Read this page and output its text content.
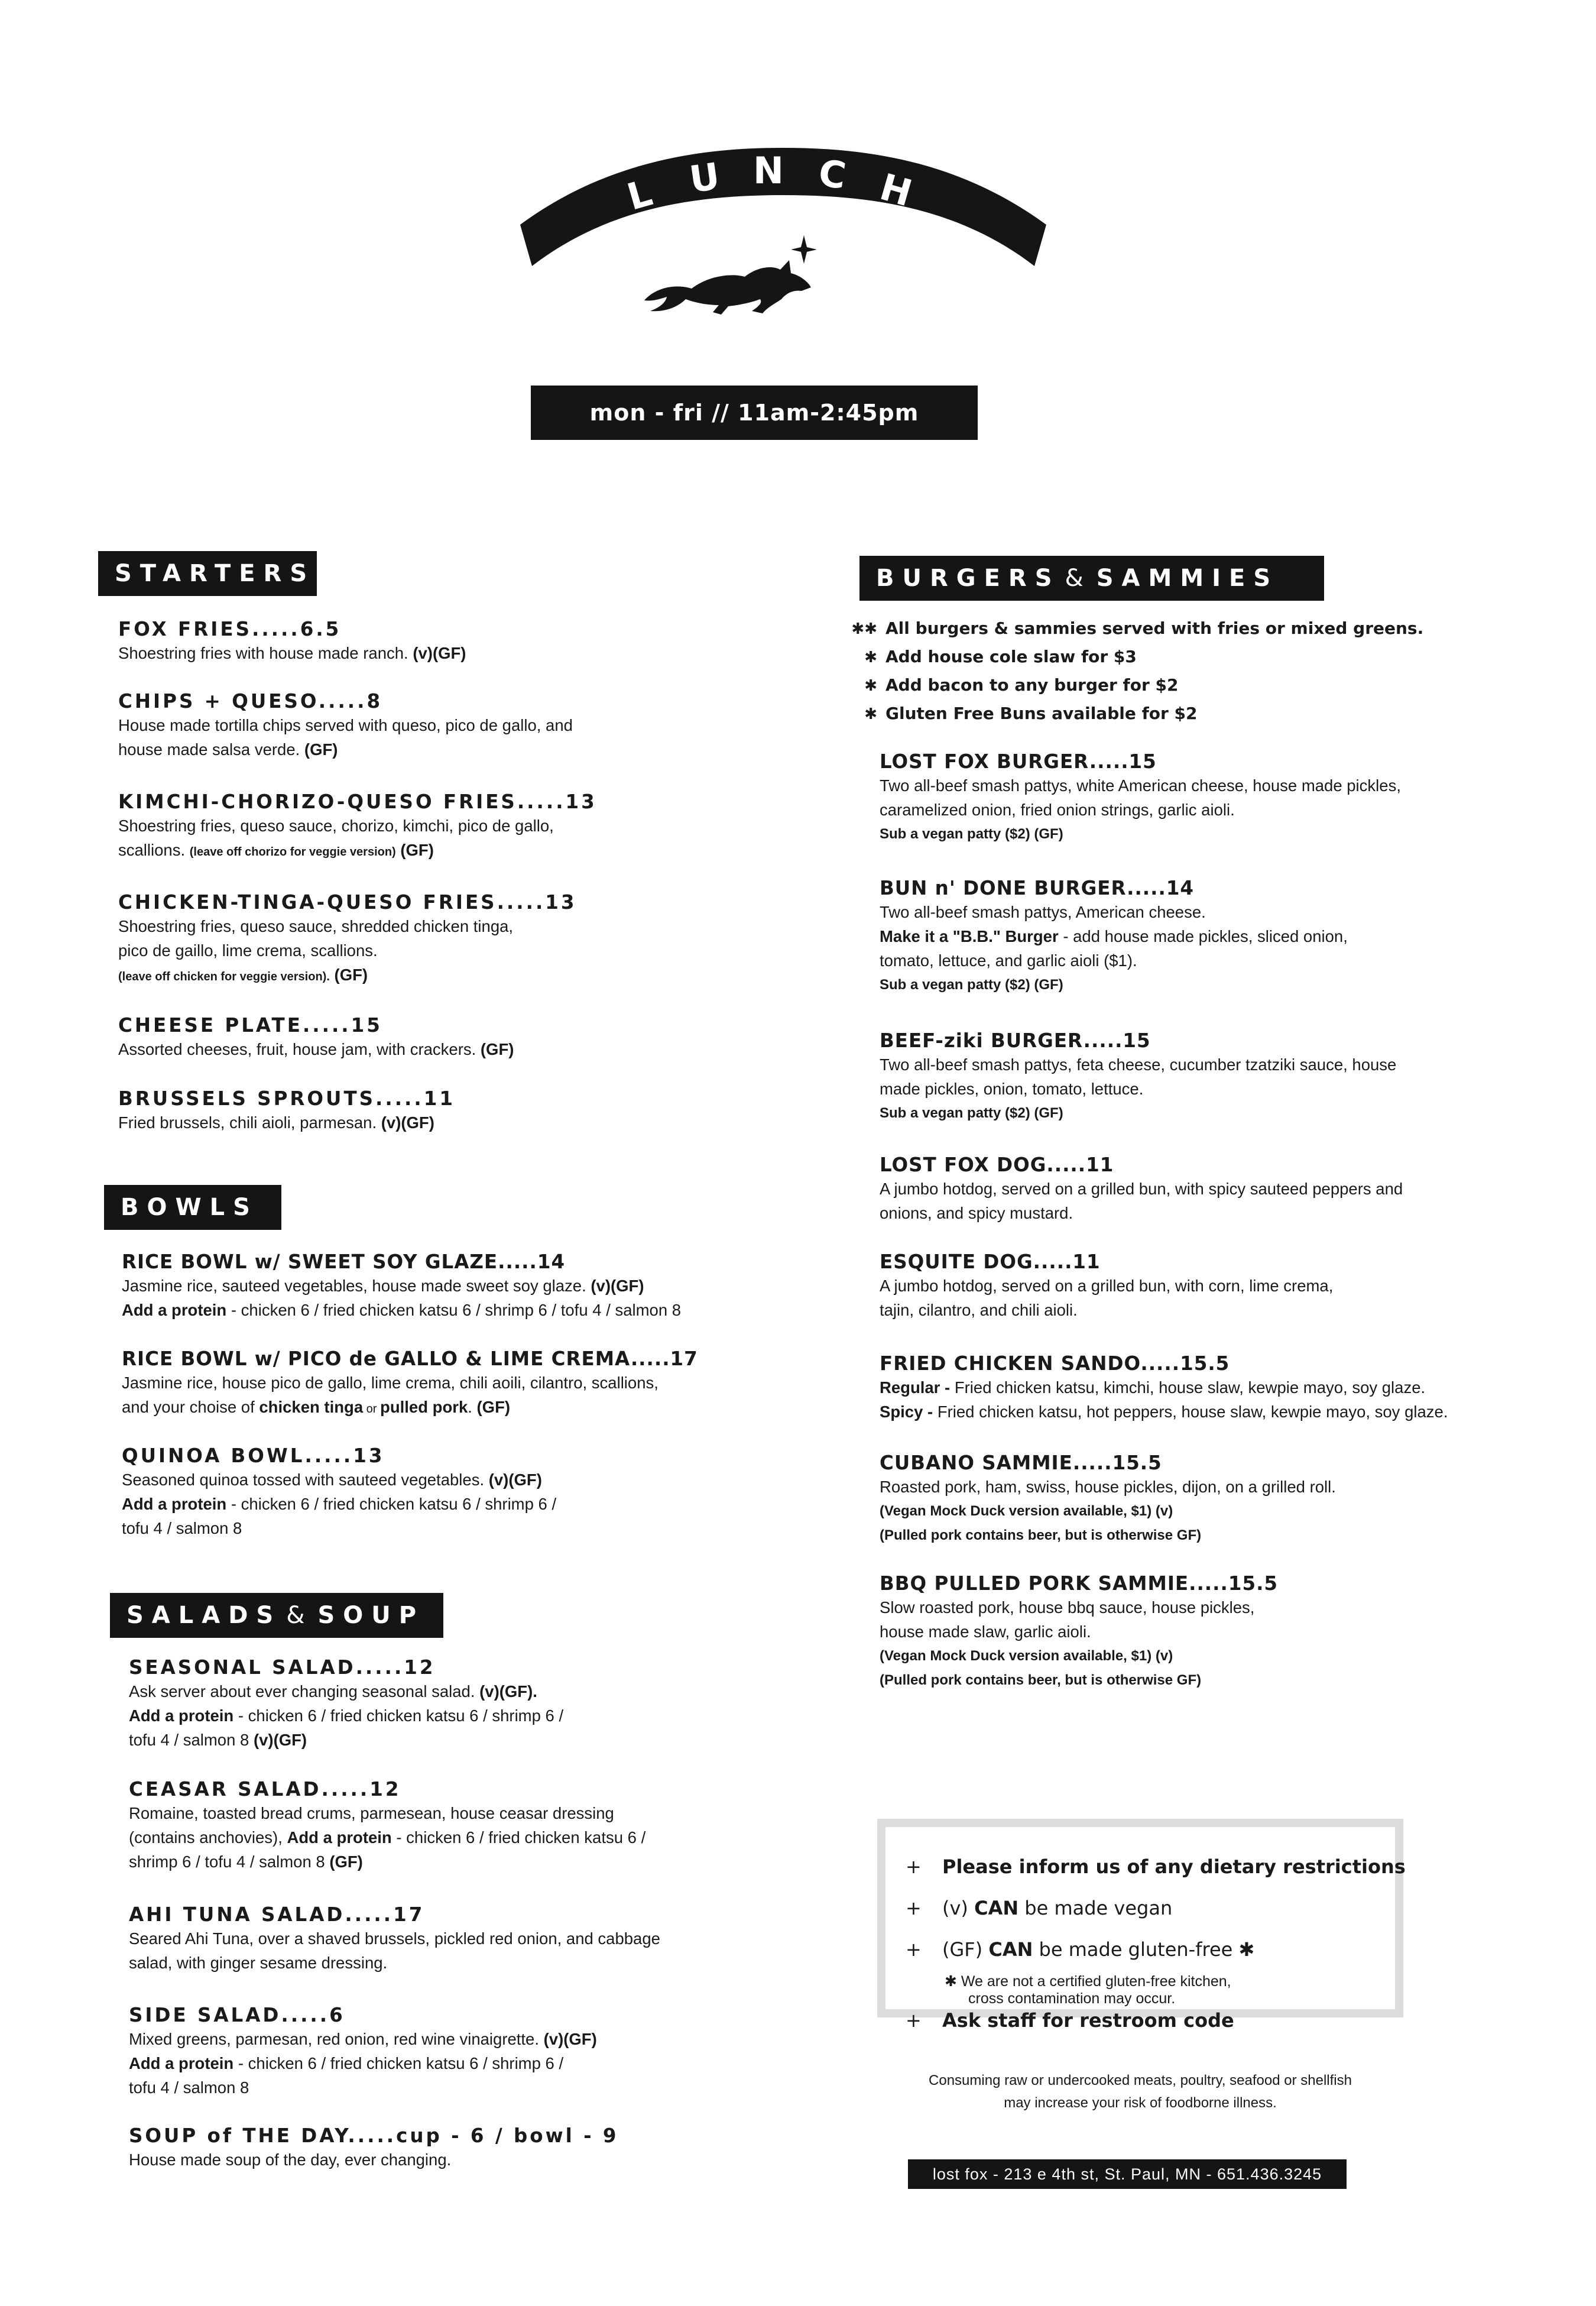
L U N C H
mon - fri // 11am-2:45pm
STARTERS
FOX FRIES.....6.5
Shoestring fries with house made ranch. (v)(GF)
CHIPS + QUESO.....8
House made tortilla chips served with queso, pico de gallo, and
house made salsa verde. (GF)
KIMCHI-CHORIZO-QUESO FRIES.....13
Shoestring fries, queso sauce, chorizo, kimchi, pico de gallo,
scallions. (leave off chorizo for veggie version) (GF)
CHICKEN-TINGA-QUESO FRIES.....13
Shoestring fries, queso sauce, shredded chicken tinga,
pico de gaillo, lime crema, scallions.
(leave off chicken for veggie version). (GF)
CHEESE PLATE.....15
Assorted cheeses, fruit, house jam, with crackers. (GF)
BRUSSELS SPROUTS.....11
Fried brussels, chili aioli, parmesan. (v)(GF)
BOWLS
RICE BOWL w/ SWEET SOY GLAZE.....14
Jasmine rice, sauteed vegetables, house made sweet soy glaze. (v)(GF)
Add a protein - chicken 6 / fried chicken katsu 6 / shrimp 6 / tofu 4 / salmon 8
RICE BOWL w/ PICO de GALLO & LIME CREMA.....17
Jasmine rice, house pico de gallo, lime crema, chili aoili, cilantro, scallions,
and your choise of chicken tinga or pulled pork. (GF)
QUINOA BOWL.....13
Seasoned quinoa tossed with sauteed vegetables. (v)(GF)
Add a protein - chicken 6 / fried chicken katsu 6 / shrimp 6 /
tofu 4 / salmon 8
SALADS & SOUP
SEASONAL SALAD.....12
Ask server about ever changing seasonal salad. (v)(GF).
Add a protein - chicken 6 / fried chicken katsu 6 / shrimp 6 /
tofu 4 / salmon 8 (v)(GF)
CEASAR SALAD.....12
Romaine, toasted bread crums, parmesean, house ceasar dressing
(contains anchovies), Add a protein - chicken 6 / fried chicken katsu 6 /
shrimp 6 / tofu 4 / salmon 8 (GF)
AHI TUNA SALAD.....17
Seared Ahi Tuna, over a shaved brussels, pickled red onion, and cabbage
salad, with ginger sesame dressing.
SIDE SALAD.....6
Mixed greens, parmesan, red onion, red wine vinaigrette. (v)(GF)
Add a protein - chicken 6 / fried chicken katsu 6 / shrimp 6 /
tofu 4 / salmon 8
SOUP of THE DAY.....cup - 6 / bowl - 9
House made soup of the day, ever changing.
BURGERS & SAMMIES
✱✱ All burgers & sammies served with fries or mixed greens.
✱ Add house cole slaw for $3
✱ Add bacon to any burger for $2
✱ Gluten Free Buns available for $2
LOST FOX BURGER.....15
Two all-beef smash pattys, white American cheese, house made pickles,
caramelized onion, fried onion strings, garlic aioli.
Sub a vegan patty ($2) (GF)
BUN n' DONE BURGER.....14
Two all-beef smash pattys, American cheese.
Make it a "B.B." Burger - add house made pickles, sliced onion,
tomato, lettuce, and garlic aioli ($1).
Sub a vegan patty ($2) (GF)
BEEF-ziki BURGER.....15
Two all-beef smash pattys, feta cheese, cucumber tzatziki sauce, house
made pickles, onion, tomato, lettuce.
Sub a vegan patty ($2) (GF)
LOST FOX DOG.....11
A jumbo hotdog, served on a grilled bun, with spicy sauteed peppers and
onions, and spicy mustard.
ESQUITE DOG.....11
A jumbo hotdog, served on a grilled bun, with corn, lime crema,
tajin, cilantro, and chili aioli.
FRIED CHICKEN SANDO.....15.5
Regular - Fried chicken katsu, kimchi, house slaw, kewpie mayo, soy glaze.
Spicy - Fried chicken katsu, hot peppers, house slaw, kewpie mayo, soy glaze.
CUBANO SAMMIE.....15.5
Roasted pork, ham, swiss, house pickles, dijon, on a grilled roll.
(Vegan Mock Duck version available, $1) (v)
(Pulled pork contains beer, but is otherwise GF)
BBQ PULLED PORK SAMMIE.....15.5
Slow roasted pork, house bbq sauce, house pickles,
house made slaw, garlic aioli.
(Vegan Mock Duck version available, $1) (v)
(Pulled pork contains beer, but is otherwise GF)
+ Please inform us of any dietary restrictions
+ (v) CAN be made vegan
+ (GF) CAN be made gluten-free ✱
✱ We are not a certified gluten-free kitchen,
cross contamination may occur.
+ Ask staff for restroom code
Consuming raw or undercooked meats, poultry, seafood or shellfish
may increase your risk of foodborne illness.
lost fox - 213 e 4th st, St. Paul, MN - 651.436.3245
